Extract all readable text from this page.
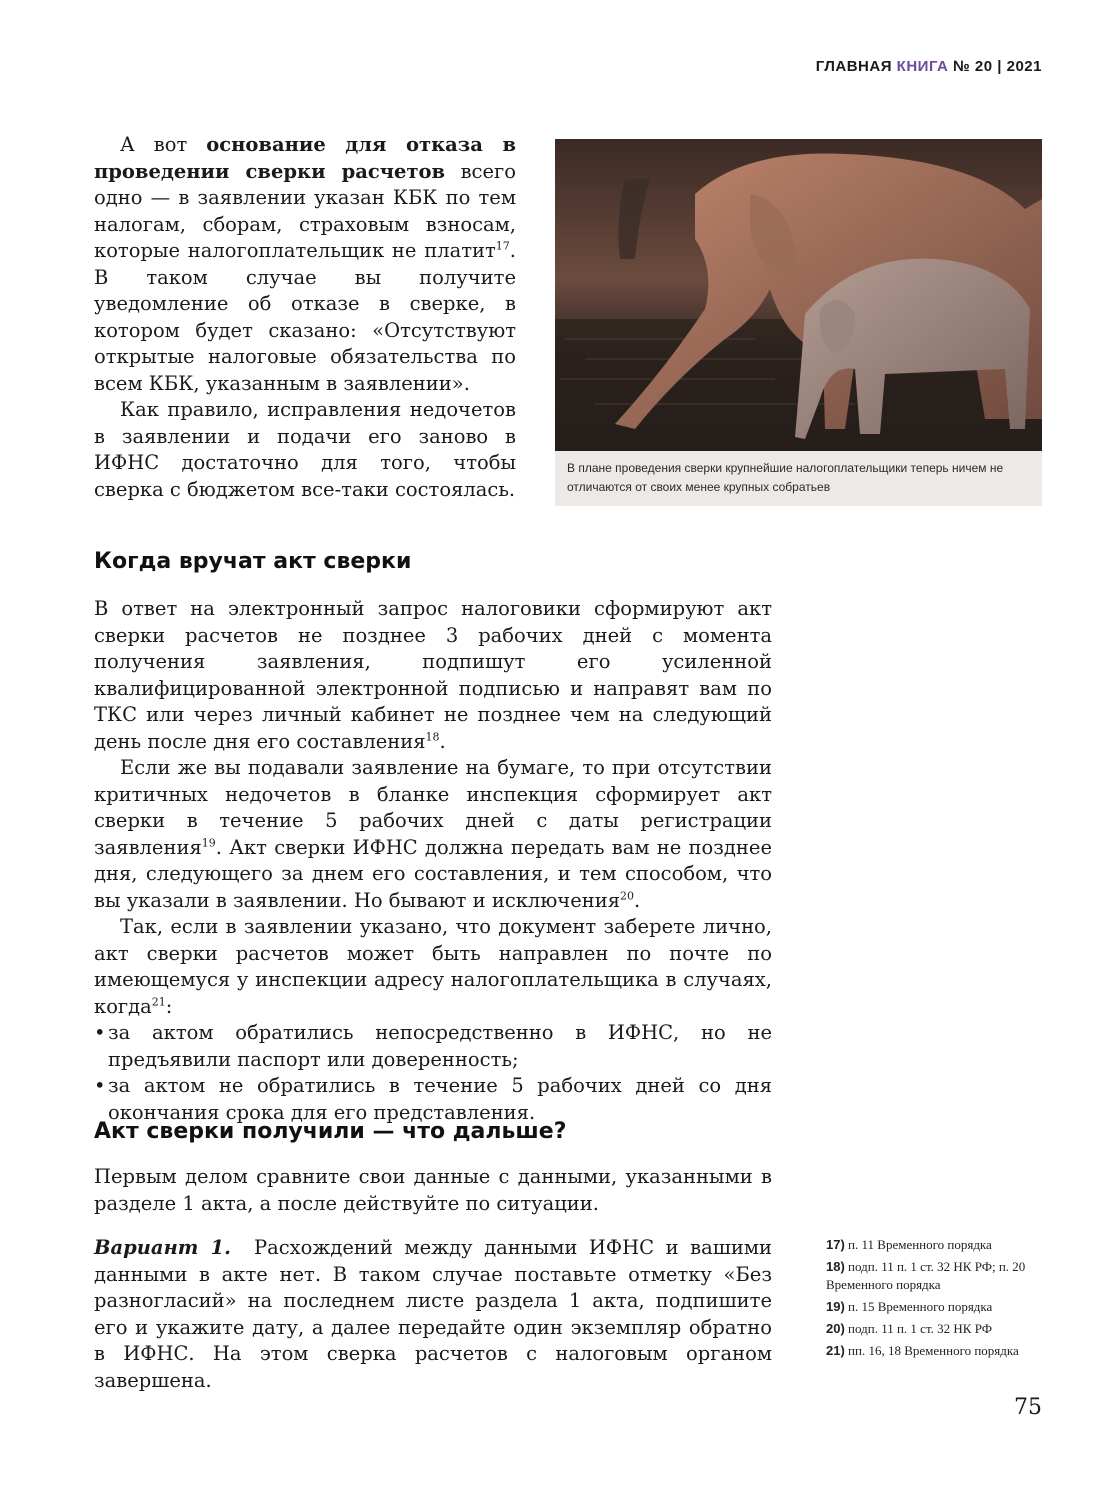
ГЛАВНАЯ КНИГА № 20 | 2021

А вот основание для отказа в проведении сверки расчетов всего одно — в заявлении указан КБК по тем налогам, сборам, страховым взносам, которые налогоплательщик не платит$^{17}$. В таком случае вы получите уведомление об отказе в сверке, в котором будет сказано: «Отсутствуют открытые налоговые обязательства по всем КБК, указанным в заявлении».

Как правило, исправления недочетов в заявлении и подачи его заново в ИФНС достаточно для того, чтобы сверка с бюджетом все-таки состоялась.

В плане проведения сверки крупнейшие налогоплательщики теперь ничем не отличаются от своих менее крупных собратьев
Когда вручат акт сверки

В ответ на электронный запрос налоговики сформируют акт сверки расчетов не позднее 3 рабочих дней с момента получения заявления, подпишут его усиленной квалифицированной электронной подписью и направят вам по ТКС или через личный кабинет не позднее чем на следующий день после дня его составления$^{18}$.

Если же вы подавали заявление на бумаге, то при отсутствии критичных недочетов в бланке инспекция сформирует акт сверки в течение 5 рабочих дней с даты регистрации заявления$^{19}$. Акт сверки ИФНС должна передать вам не позднее дня, следующего за днем его составления, и тем способом, что вы указали в заявлении. Но бывают и исключения$^{20}$.

Так, если в заявлении указано, что документ заберете лично, акт сверки расчетов может быть направлен по почте по имеющемуся у инспекции адресу налогоплательщика в случаях, когда$^{21}$:

• за актом обратились непосредственно в ИФНС, но не предъявили паспорт или доверенность;
• за актом не обратились в течение 5 рабочих дней со дня окончания срока для его представления.
Акт сверки получили — что дальше?

Первым делом сравните свои данные с данными, указанными в разделе 1 акта, а после действуйте по ситуации.

Вариант 1. Расхождений между данными ИФНС и вашими данными в акте нет. В таком случае поставьте отметку «Без разногласий» на последнем листе раздела 1 акта, подпишите его и укажите дату, а далее передайте один экземпляр обратно в ИФНС. На этом сверка расчетов с налоговым органом завершена.

17) п. 11 Временного порядка
18) подп. 11 п. 1 ст. 32 НК РФ; п. 20 Временного порядка
19) п. 15 Временного порядка
20) подп. 11 п. 1 ст. 32 НК РФ
21) пп. 16, 18 Временного порядка
75
